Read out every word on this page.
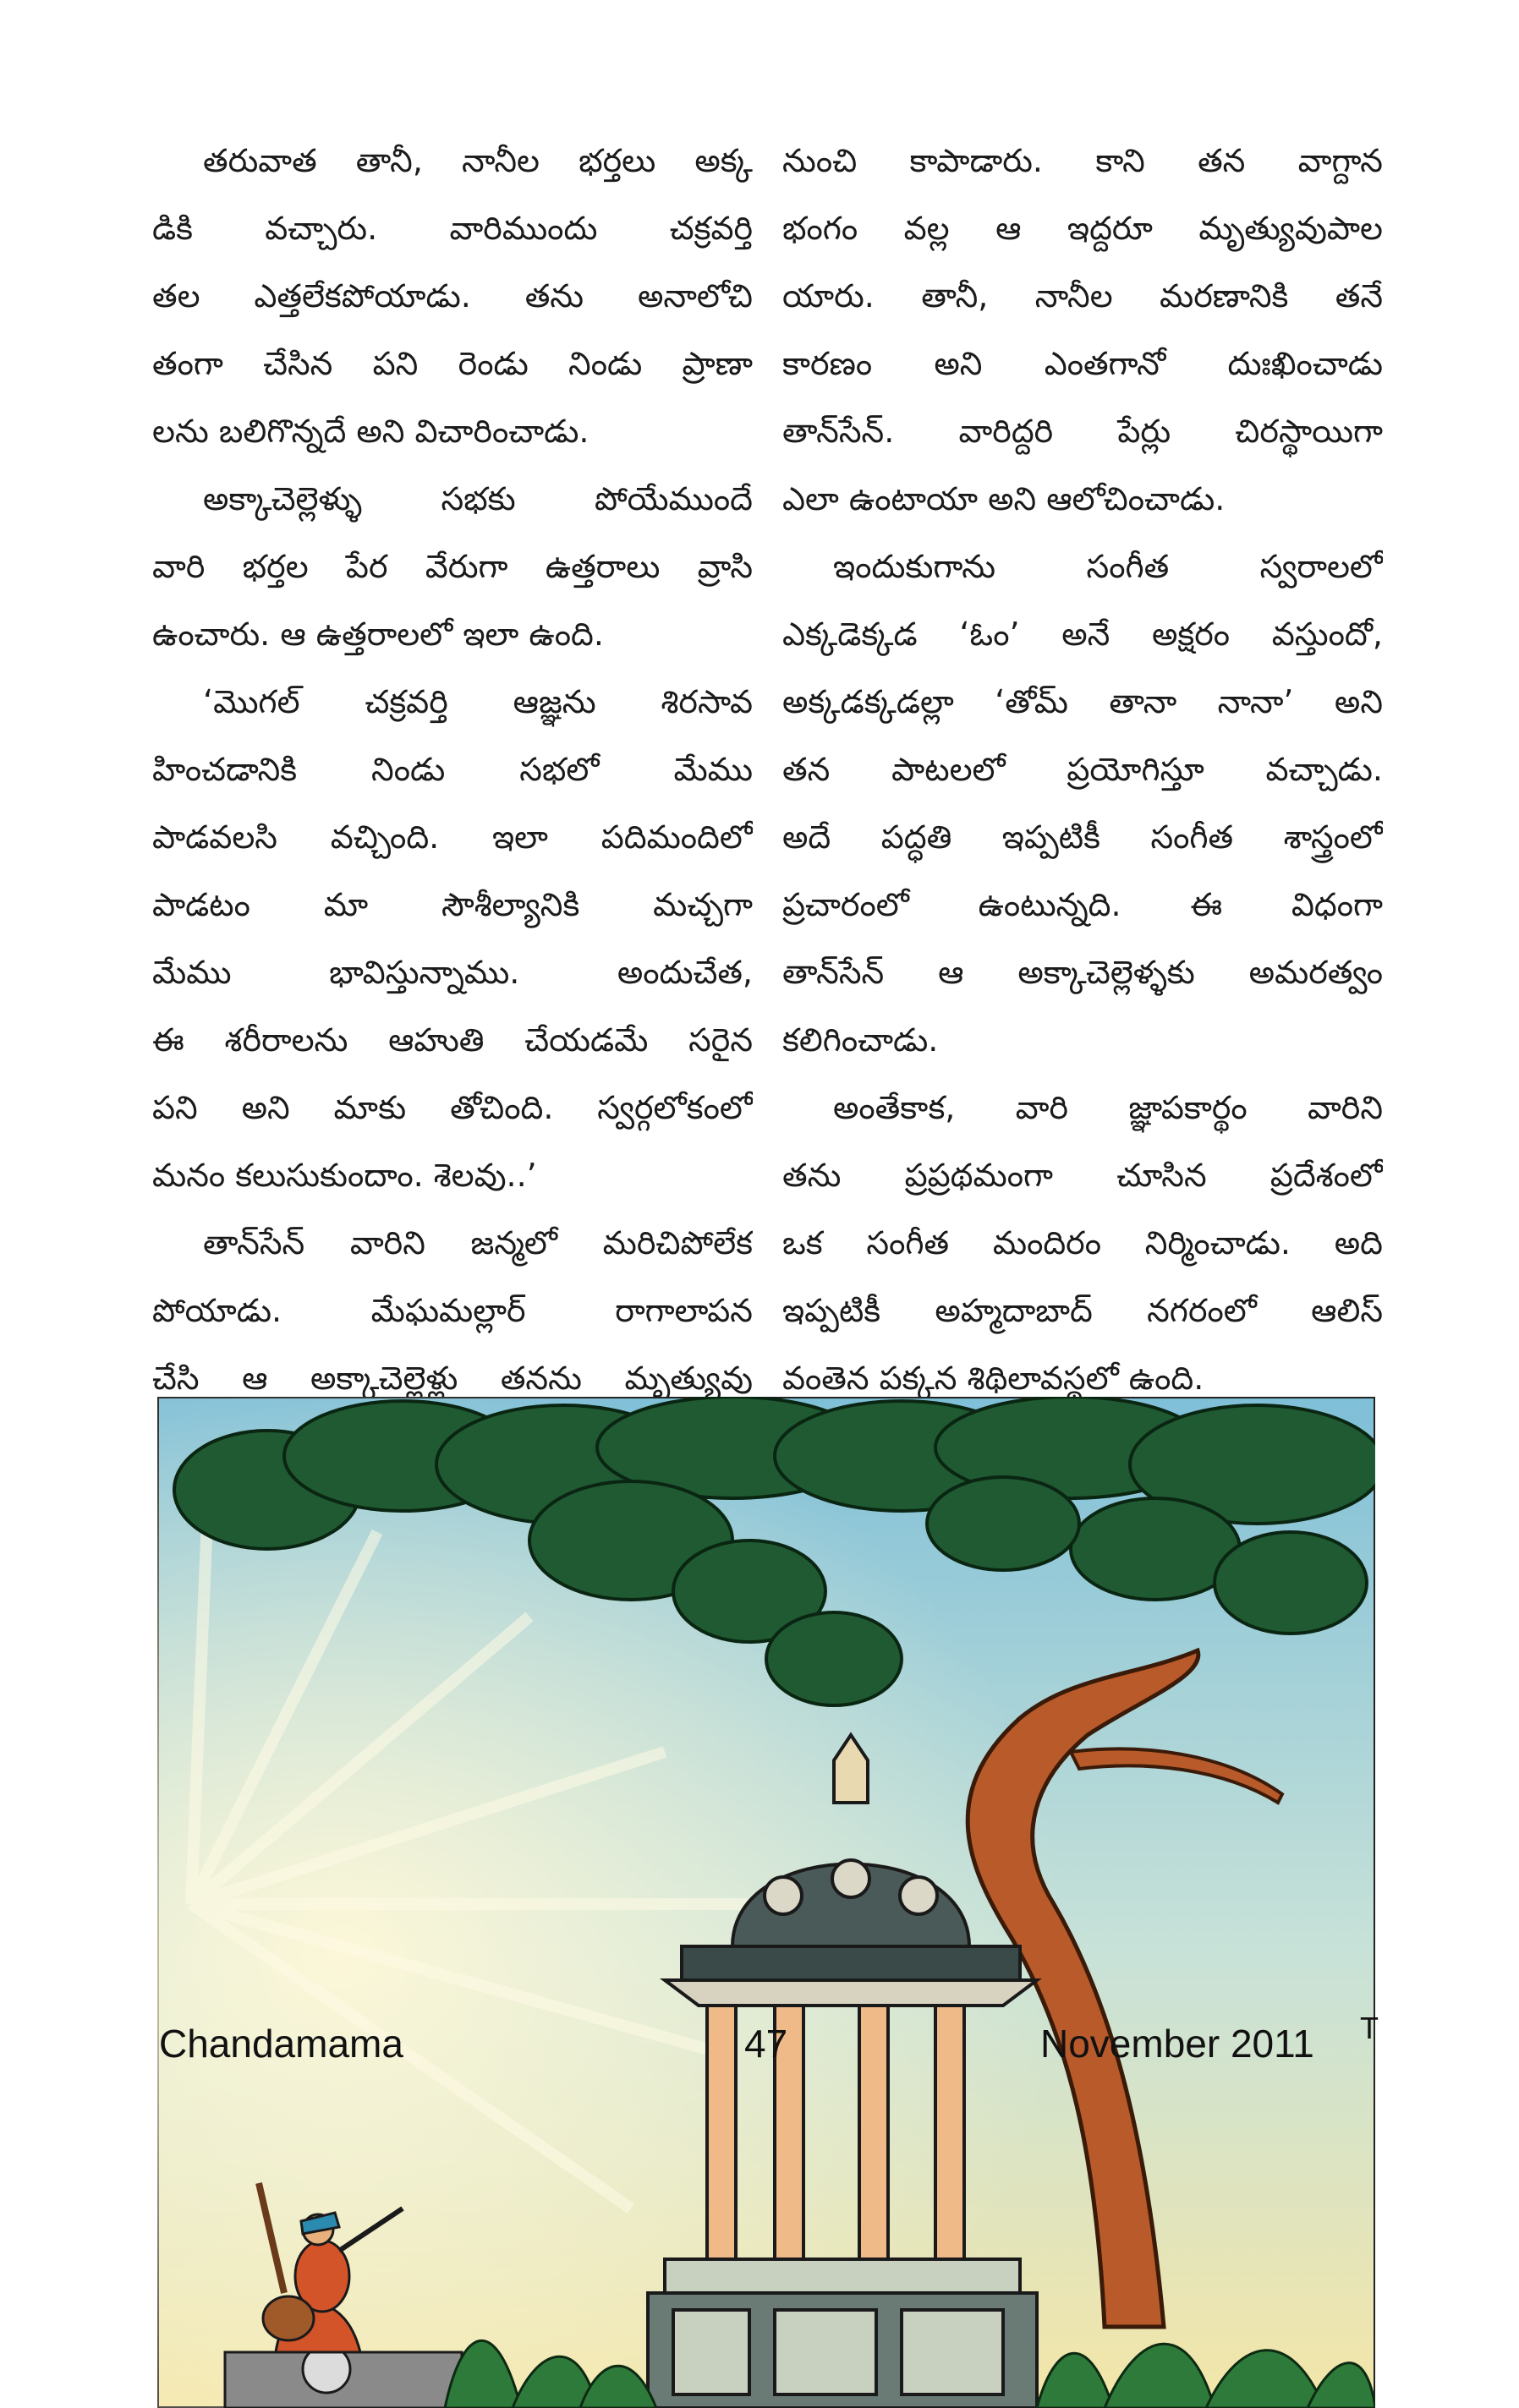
తరువాత తానీ, నానీల భర్తలు అక్క
డికి వచ్చారు. వారిముందు చక్రవర్తి
తల ఎత్తలేకపోయాడు. తను అనాలోచి
తంగా చేసిన పని రెండు నిండు ప్రాణా
లను బలిగొన్నదే అని విచారించాడు.
అక్కాచెల్లెళ్ళు సభకు పోయేముందే
వారి భర్తల పేర వేరుగా ఉత్తరాలు వ్రాసి
ఉంచారు. ఆ ఉత్తరాలలో ఇలా ఉంది.
‘మొగల్ చక్రవర్తి ఆజ్ఞను శిరసావ
హించడానికి నిండు సభలో మేము
పాడవలసి వచ్చింది. ఇలా పదిమందిలో
పాడటం మా సౌశీల్యానికి మచ్చగా
మేము భావిస్తున్నాము. అందుచేత,
ఈ శరీరాలను ఆహుతి చేయడమే సరైన
పని అని మాకు తోచింది. స్వర్గలోకంలో
మనం కలుసుకుందాం. శెలవు..’
తాన్‌సేన్ వారిని జన్మలో మరిచిపోలేక
పోయాడు. మేఘమల్లార్ రాగాలాపన
చేసి ఆ అక్కాచెల్లెళ్లు తనను మృత్యువు
నుంచి కాపాడారు. కాని తన వాగ్దాన
భంగం వల్ల ఆ ఇద్దరూ మృత్యువుపాల
యారు. తానీ, నానీల మరణానికి తనే
కారణం అని ఎంతగానో దుఃఖించాడు
తాన్‌సేన్. వారిద్దరి పేర్లు చిరస్థాయిగా
ఎలా ఉంటాయా అని ఆలోచించాడు.
ఇందుకుగాను సంగీత స్వరాలలో
ఎక్కడెక్కడ ‘ఓం’ అనే అక్షరం వస్తుందో,
అక్కడక్కడల్లా ‘తోమ్ తానా నానా’ అని
తన పాటలలో ప్రయోగిస్తూ వచ్చాడు.
అదే పద్ధతి ఇప్పటికీ సంగీత శాస్త్రంలో
ప్రచారంలో ఉంటున్నది. ఈ విధంగా
తాన్‌సేన్ ఆ అక్కాచెల్లెళ్ళకు అమరత్వం
కలిగించాడు.
అంతేకాక, వారి జ్ఞాపకార్థం వారిని
తను ప్రప్రథమంగా చూసిన ప్రదేశంలో
ఒక సంగీత మందిరం నిర్మించాడు. అది
ఇప్పటికీ అహ్మదాబాద్ నగరంలో ఆలిస్
వంతెన పక్కన శిథిలావస్థలో ఉంది.
Chandamama	47	November 2011 T
